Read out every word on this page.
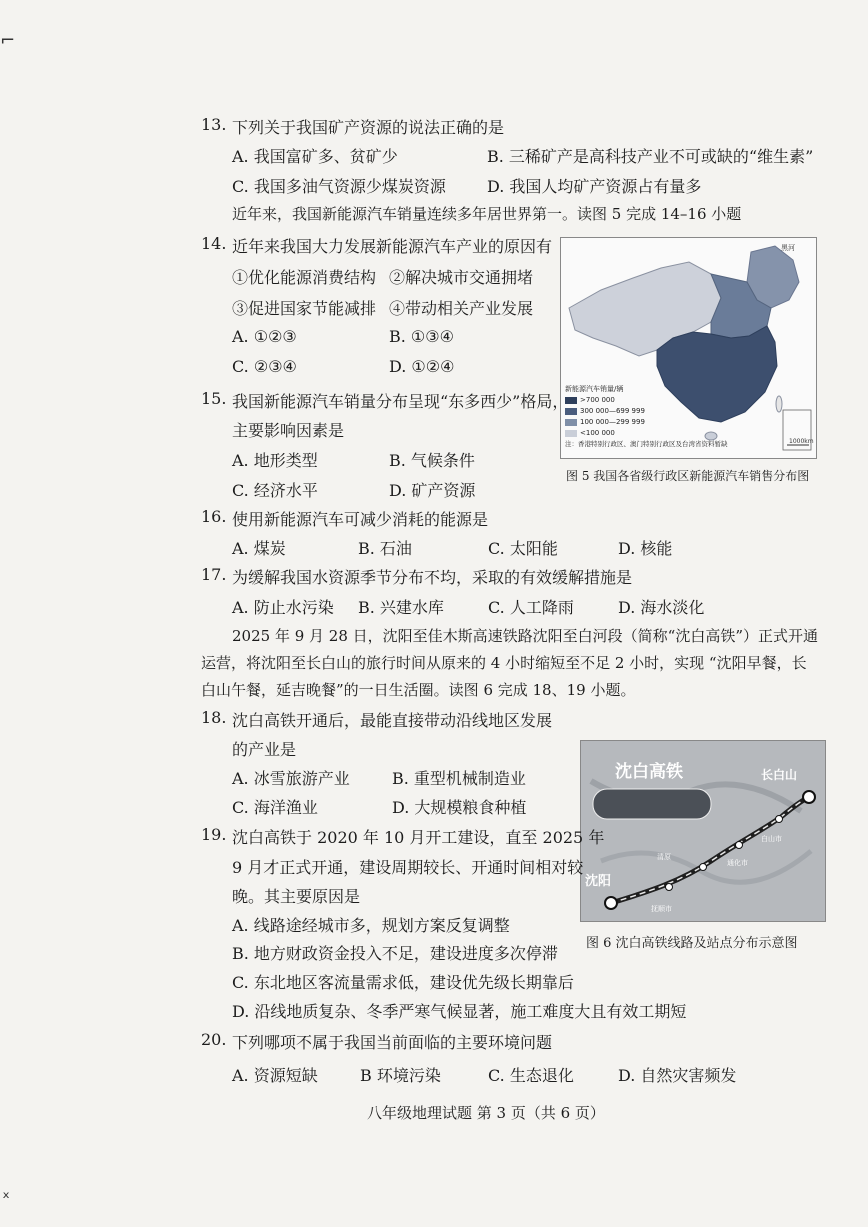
⌐
ₓ
13. 下列关于我国矿产资源的说法正确的是
A. 我国富矿多、贫矿少	B. 三稀矿产是高科技产业不可或缺的“维生素”
C. 我国多油气资源少煤炭资源	D. 我国人均矿产资源占有量多
近年来，我国新能源汽车销量连续多年居世界第一。读图 5 完成 14–16 小题
14. 近年来我国大力发展新能源汽车产业的原因有
①优化能源消费结构 ②解决城市交通拥堵
③促进国家节能减排 ④带动相关产业发展
A. ①②③	B. ①③④
C. ②③④	D. ①②④
黑河
1000km
新能源汽车销量/辆
>700 000
300 000—699 999
100 000—299 999
<100 000
注：香港特别行政区、澳门特别行政区及台湾省资料暂缺
图 5 我国各省级行政区新能源汽车销售分布图
15. 我国新能源汽车销量分布呈现“东多西少”格局，
主要影响因素是
A. 地形类型	B. 气候条件
C. 经济水平	D. 矿产资源
16. 使用新能源汽车可减少消耗的能源是
A. 煤炭	B. 石油	C. 太阳能	D. 核能
17. 为缓解我国水资源季节分布不均，采取的有效缓解措施是
A. 防止水污染 B. 兴建水库	C. 人工降雨	D. 海水淡化
2025 年 9 月 28 日，沈阳至佳木斯高速铁路沈阳至白河段（简称“沈白高铁”）正式开通
运营，将沈阳至长白山的旅行时间从原来的 4 小时缩短至不足 2 小时，实现 “沈阳早餐，长
白山午餐，延吉晚餐”的一日生活圈。读图 6 完成 18、19 小题。
18. 沈白高铁开通后，最能直接带动沿线地区发展
的产业是
A. 冰雪旅游产业	B. 重型机械制造业
C. 海洋渔业	D. 大规模粮食种植
沈白高铁	长白山
沈阳
抚顺市
清原
通化市
白山市
图 6 沈白高铁线路及站点分布示意图
19. 沈白高铁于 2020 年 10 月开工建设，直至 2025 年
9 月才正式开通，建设周期较长、开通时间相对较
晚。其主要原因是
A. 线路途经城市多，规划方案反复调整
B. 地方财政资金投入不足，建设进度多次停滞
C. 东北地区客流量需求低，建设优先级长期靠后
D. 沿线地质复杂、冬季严寒气候显著，施工难度大且有效工期短
20. 下列哪项不属于我国当前面临的主要环境问题
A. 资源短缺	B 环境污染	C. 生态退化	D. 自然灾害频发
八年级地理试题 第 3 页（共 6 页）
